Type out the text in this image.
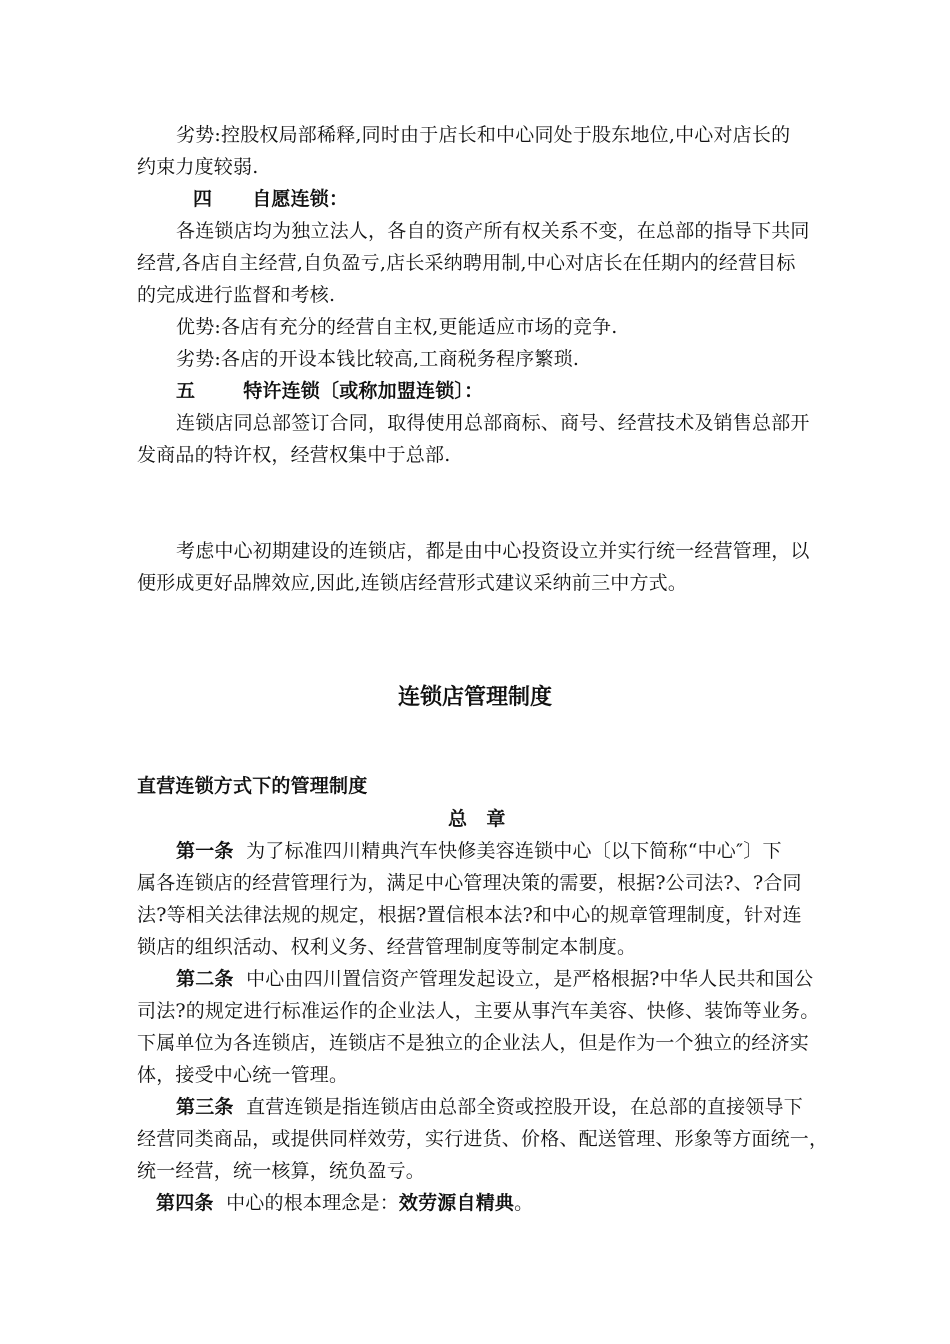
劣势:控股权局部稀释,同时由于店长和中心同处于股东地位,中心对店长的
约束力度较弱.
四 自愿连锁：
各连锁店均为独立法人，各自的资产所有权关系不变，在总部的指导下共同
经营,各店自主经营,自负盈亏,店长采纳聘用制,中心对店长在任期内的经营目标
的完成进行监督和考核.
优势:各店有充分的经营自主权,更能适应市场的竞争.
劣势:各店的开设本钱比较高,工商税务程序繁琐.
五	特许连锁〔或称加盟连锁〕：
连锁店同总部签订合同，取得使用总部商标、商号、经营技术及销售总部开
发商品的特许权，经营权集中于总部.
考虑中心初期建设的连锁店，都是由中心投资设立并实行统一经营管理，以
便形成更好品牌效应,因此,连锁店经营形式建议采纳前三中方式。
连锁店管理制度
直营连锁方式下的管理制度
总　章
第一条 为了标准四川精典汽车快修美容连锁中心〔以下简称“中心″〕下
属各连锁店的经营管理行为，满足中心管理决策的需要，根据?公司法?、?合同
法?等相关法律法规的规定，根据?置信根本法?和中心的规章管理制度，针对连
锁店的组织活动、权利义务、经营管理制度等制定本制度。
第二条 中心由四川置信资产管理发起设立，是严格根据?中华人民共和国公
司法?的规定进行标准运作的企业法人，主要从事汽车美容、快修、装饰等业务。
下属单位为各连锁店，连锁店不是独立的企业法人，但是作为一个独立的经济实
体，接受中心统一管理。
第三条 直营连锁是指连锁店由总部全资或控股开设，在总部的直接领导下
经营同类商品，或提供同样效劳，实行进货、价格、配送管理、形象等方面统一，
统一经营，统一核算，统负盈亏。
第四条 中心的根本理念是：效劳源自精典。
